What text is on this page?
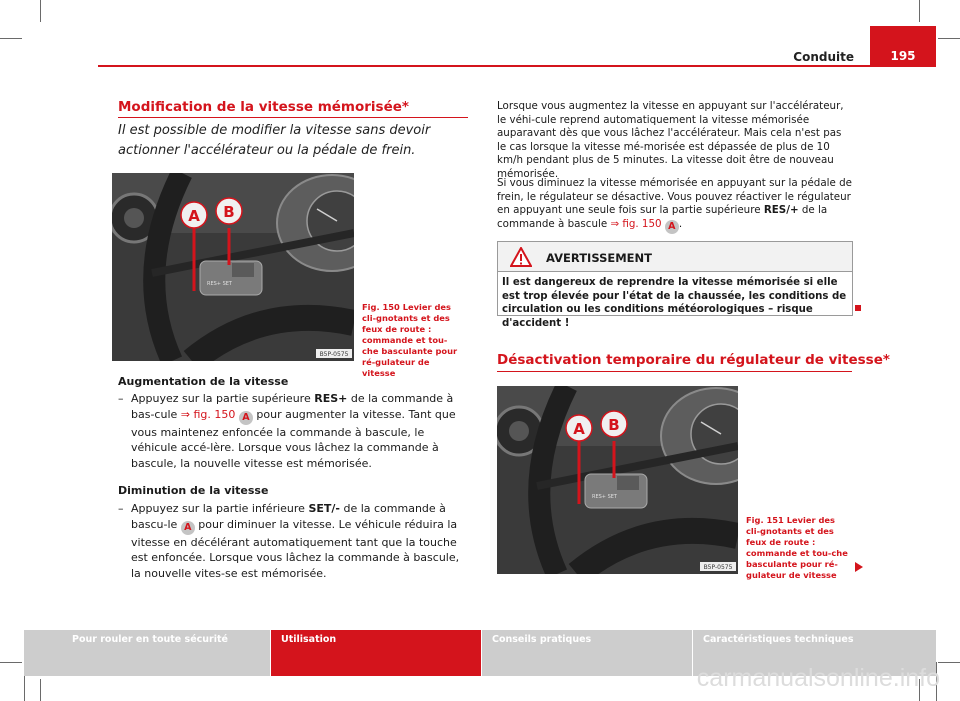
Conduite	195
Modification de la vitesse mémorisée*
Il est possible de modifier la vitesse sans devoir actionner l'accélérateur ou la pédale de frein.
RES+ SET
A B
B5P-0575
Fig. 150 Levier des cli-gnotants et des feux de route : commande et tou-che basculante pour ré-gulateur de vitesse
Augmentation de la vitesse
– Appuyez sur la partie supérieure RES+ de la commande à bas-cule ⇒ fig. 150 A pour augmenter la vitesse. Tant que vous maintenez enfoncée la commande à bascule, le véhicule accé-lère. Lorsque vous lâchez la commande à bascule, la nouvelle vitesse est mémorisée.
Diminution de la vitesse
– Appuyez sur la partie inférieure SET/- de la commande à bascu-le A pour diminuer la vitesse. Le véhicule réduira la vitesse en décélérant automatiquement tant que la touche est enfoncée. Lorsque vous lâchez la commande à bascule, la nouvelle vites-se est mémorisée.
Lorsque vous augmentez la vitesse en appuyant sur l'accélérateur, le véhi-cule reprend automatiquement la vitesse mémorisée auparavant dès que vous lâchez l'accélérateur. Mais cela n'est pas le cas lorsque la vitesse mé-morisée est dépassée de plus de 10 km/h pendant plus de 5 minutes. La vitesse doit être de nouveau mémorisée.
Si vous diminuez la vitesse mémorisée en appuyant sur la pédale de frein, le régulateur se désactive. Vous pouvez réactiver le régulateur en appuyant une seule fois sur la partie supérieure RES/+ de la commande à bascule ⇒ fig. 150 A .
AVERTISSEMENT
Il est dangereux de reprendre la vitesse mémorisée si elle est trop élevée pour l'état de la chaussée, les conditions de circulation ou les conditions météorologiques – risque d'accident !
Désactivation temporaire du régulateur de vitesse*
RES+ SET
A B
B5P-0575
Fig. 151 Levier des cli-gnotants et des feux de route : commande et tou-che basculante pour ré-gulateur de vitesse
Pour rouler en toute sécurité	Utilisation	Conseils pratiques	Caractéristiques techniques
carmanualsonline.info
